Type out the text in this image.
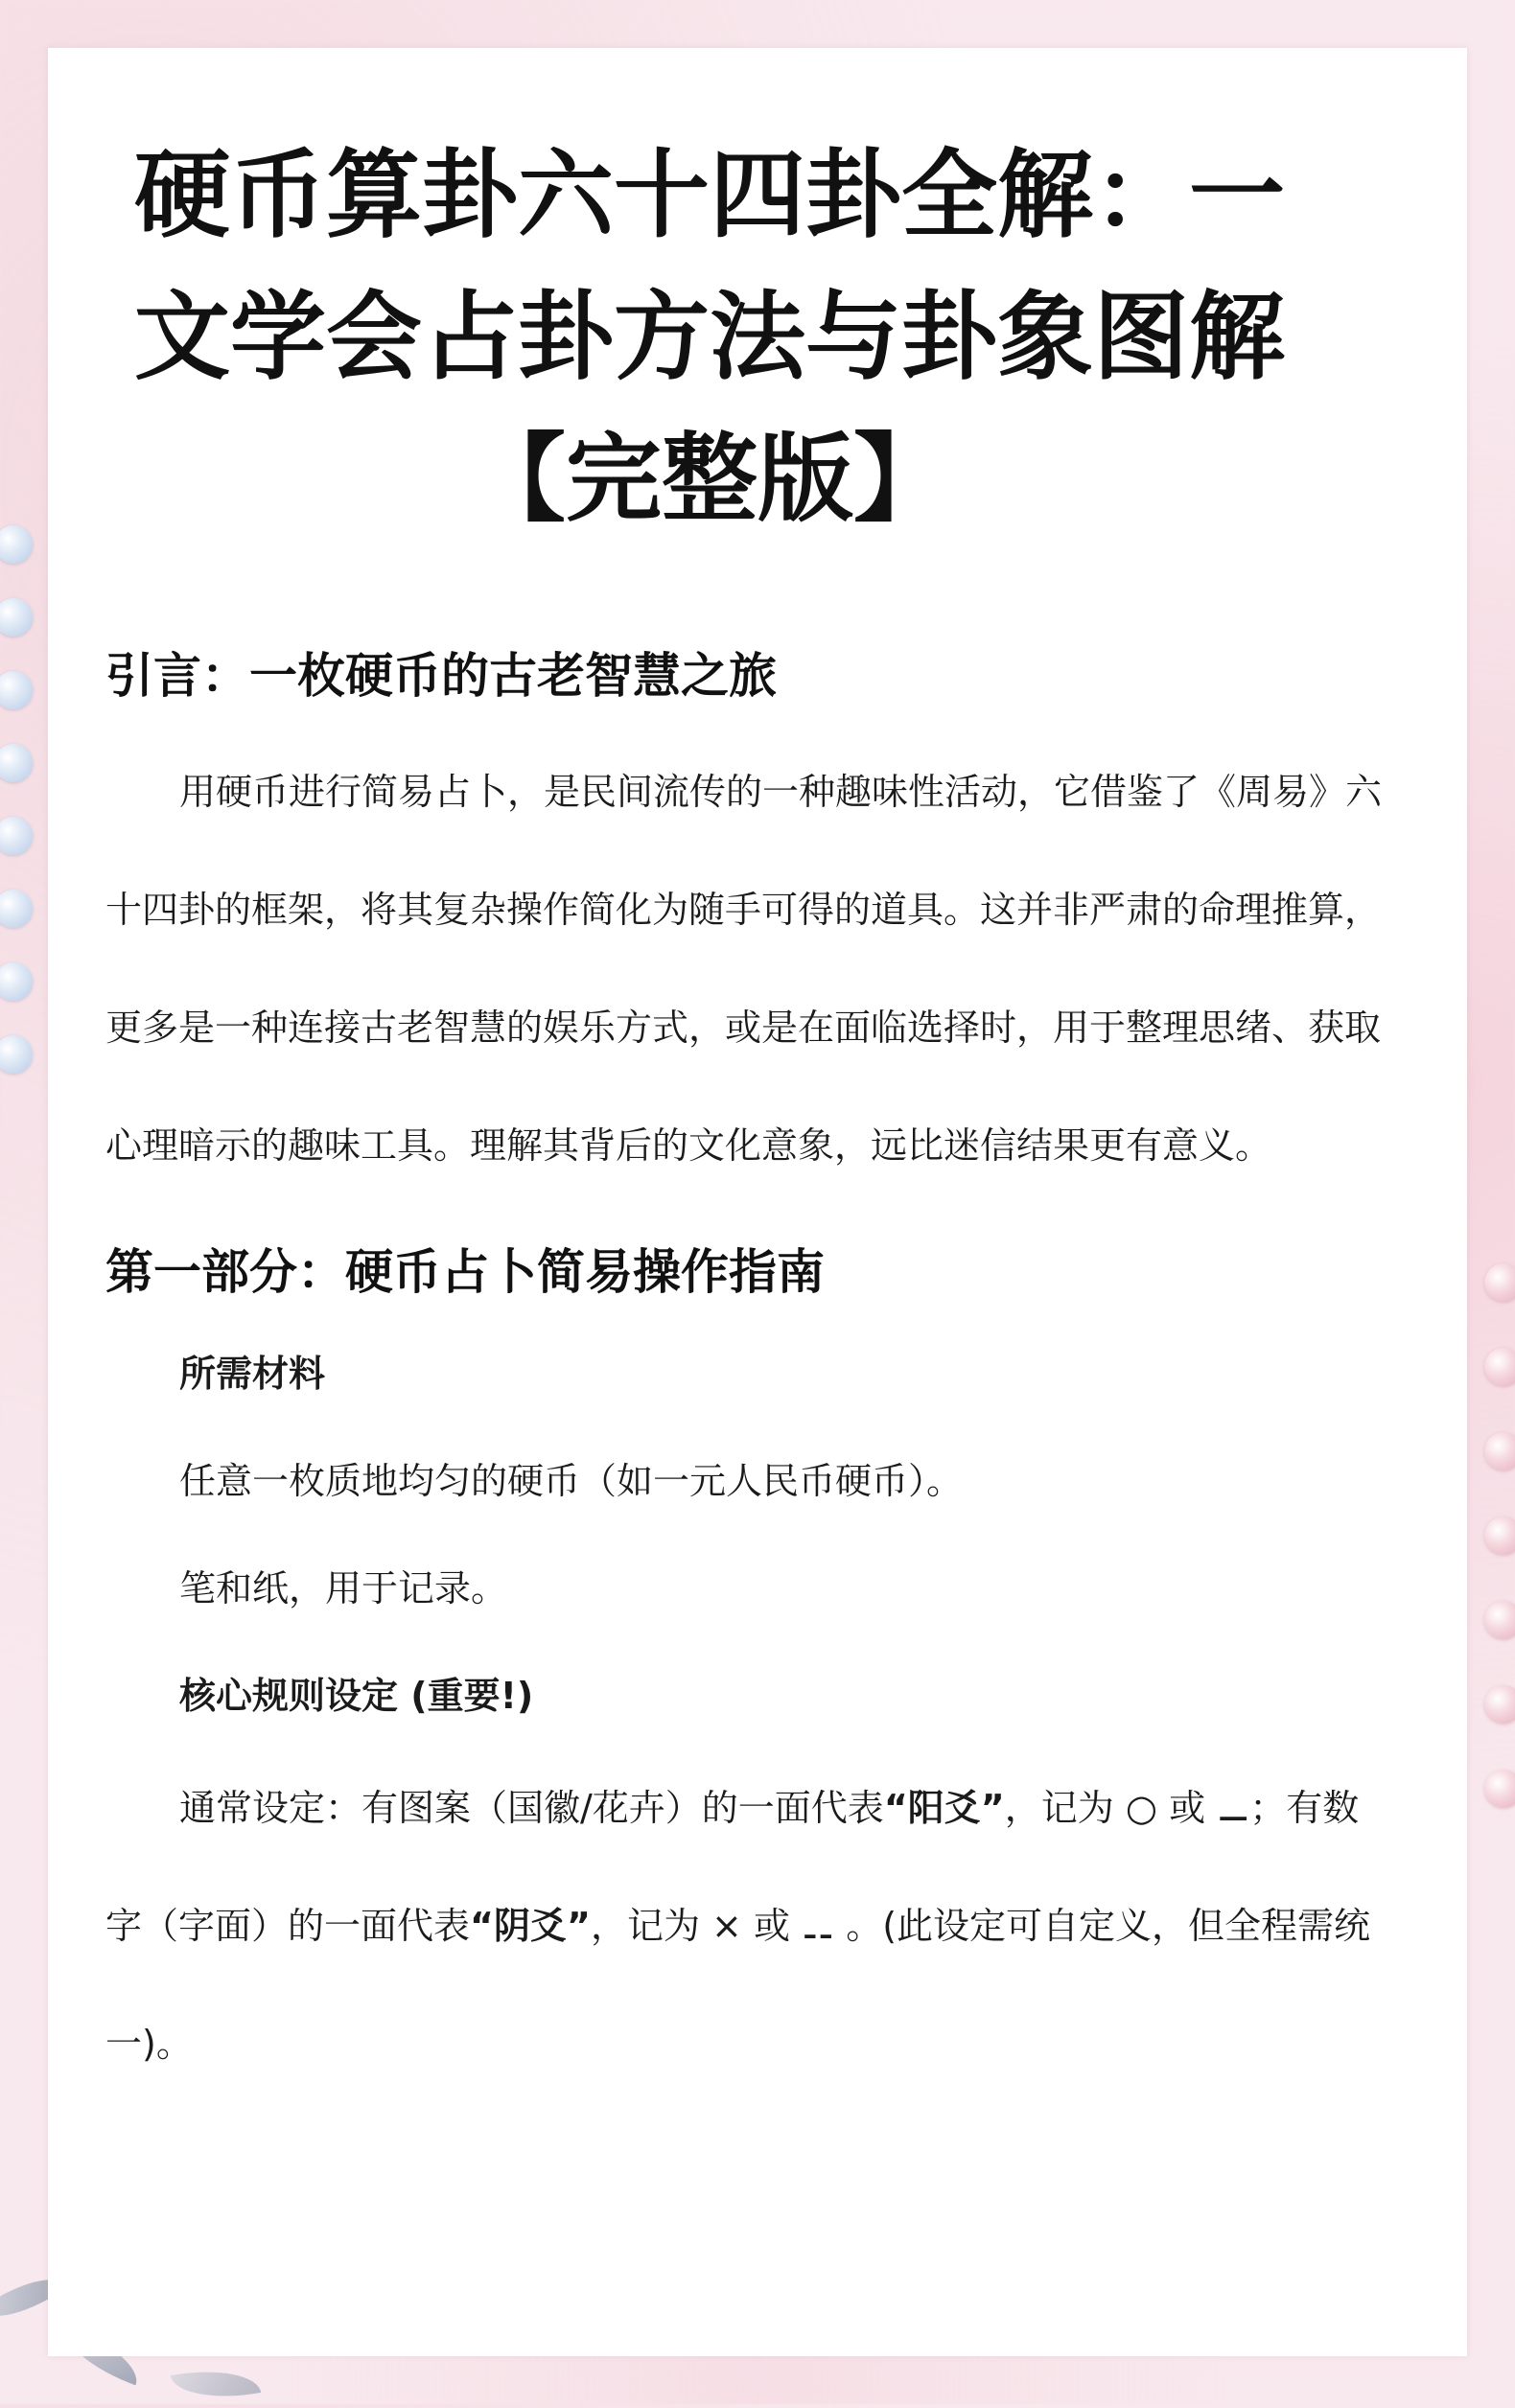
硬币算卦六十四卦全解：一文学会占卦方法与卦象图解【完整版】
引言：一枚硬币的古老智慧之旅

用硬币进行简易占卜，是民间流传的一种趣味性活动，它借鉴了《周易》六十四卦的框架，将其复杂操作简化为随手可得的道具。这并非严肃的命理推算，更多是一种连接古老智慧的娱乐方式，或是在面临选择时，用于整理思绪、获取心理暗示的趣味工具。理解其背后的文化意象，远比迷信结果更有意义。

第一部分：硬币占卜简易操作指南

所需材料

任意一枚质地均匀的硬币（如一元人民币硬币）。

笔和纸，用于记录。

核心规则设定 (重要!)

通常设定：有图案（国徽/花卉）的一面代表“阳爻”，记为 ○ 或 ⚊；有数字（字面）的一面代表“阴爻”，记为 × 或 ⚋ 。(此设定可自定义，但全程需统一)。
